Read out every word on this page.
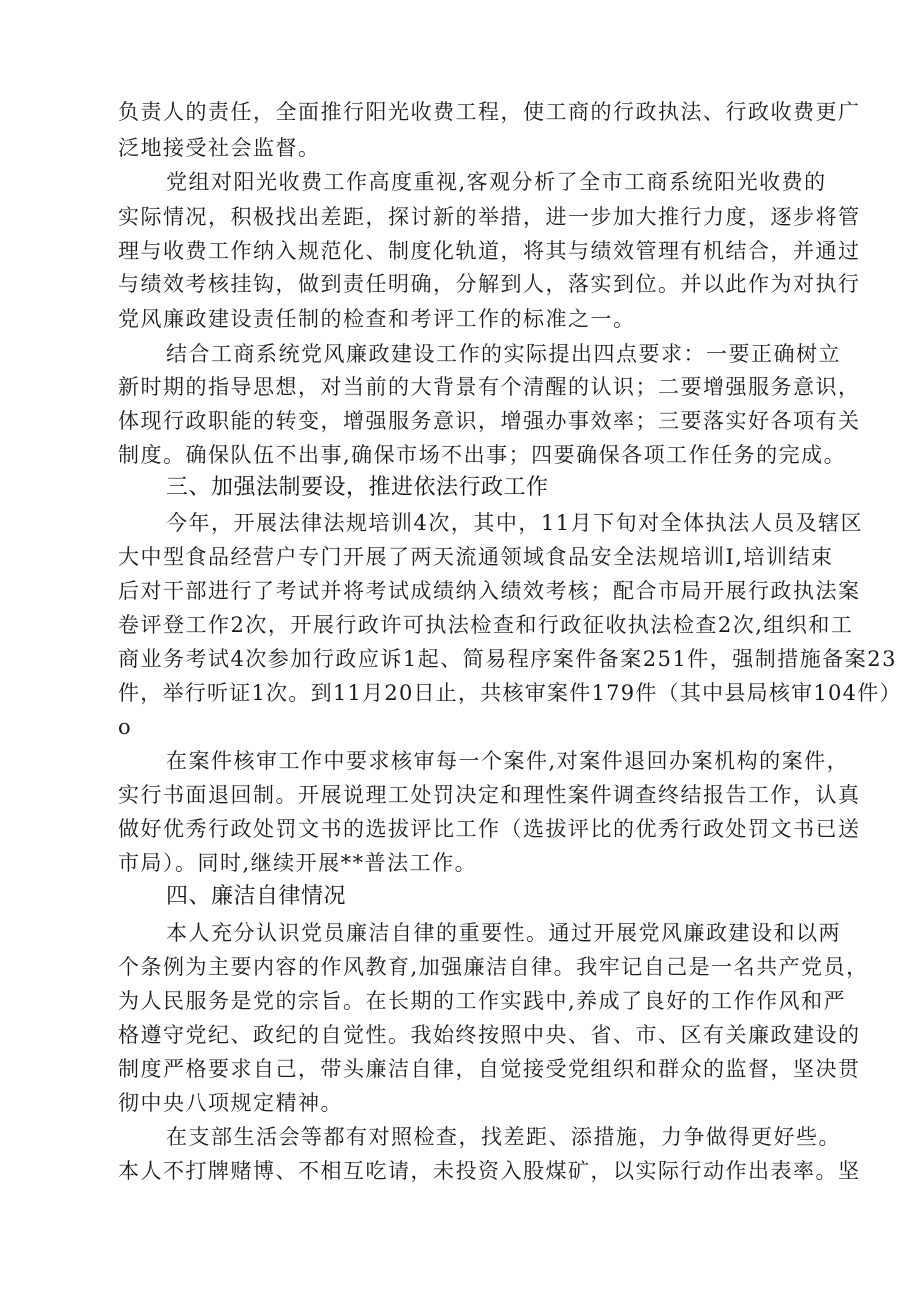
负责人的责任，全面推行阳光收费工程，使工商的行政执法、行政收费更广
泛地接受社会监督。
党组对阳光收费工作高度重视,客观分析了全市工商系统阳光收费的
实际情况，积极找出差距，探讨新的举措，进一步加大推行力度，逐步将管
理与收费工作纳入规范化、制度化轨道，将其与绩效管理有机结合，并通过
与绩效考核挂钩，做到责任明确，分解到人，落实到位。并以此作为对执行
党风廉政建设责任制的检查和考评工作的标准之一。
结合工商系统党风廉政建设工作的实际提出四点要求：一要正确树立
新时期的指导思想，对当前的大背景有个清醒的认识；二要增强服务意识，
体现行政职能的转变，增强服务意识，增强办事效率；三要落实好各项有关
制度。确保队伍不出事,确保市场不出事；四要确保各项工作任务的完成。
三、加强法制要设，推进依法行政工作
今年，开展法律法规培训4次，其中，11月下旬对全体执法人员及辖区
大中型食品经营户专门开展了两天流通领域食品安全法规培训I,培训结束
后对干部进行了考试并将考试成绩纳入绩效考核；配合市局开展行政执法案
卷评登工作2次，开展行政许可执法检查和行政征收执法检查2次,组织和工
商业务考试4次参加行政应诉1起、简易程序案件备案251件，强制措施备案23
件，举行听证1次。到11月20日止，共核审案件179件（其中县局核审104件）
o
在案件核审工作中要求核审每一个案件,对案件退回办案机构的案件，
实行书面退回制。开展说理工处罚决定和理性案件调查终结报告工作，认真
做好优秀行政处罚文书的选拔评比工作（选拔评比的优秀行政处罚文书已送
市局）。同时,继续开展**普法工作。
四、廉洁自律情况
本人充分认识党员廉洁自律的重要性。通过开展党风廉政建设和以两
个条例为主要内容的作风教育,加强廉洁自律。我牢记自己是一名共产党员，
为人民服务是党的宗旨。在长期的工作实践中,养成了良好的工作作风和严
格遵守党纪、政纪的自觉性。我始终按照中央、省、市、区有关廉政建设的
制度严格要求自己，带头廉洁自律，自觉接受党组织和群众的监督，坚决贯
彻中央八项规定精神。
在支部生活会等都有对照检查，找差距、添措施，力争做得更好些。
本人不打牌赌博、不相互吃请，未投资入股煤矿，以实际行动作出表率。坚
